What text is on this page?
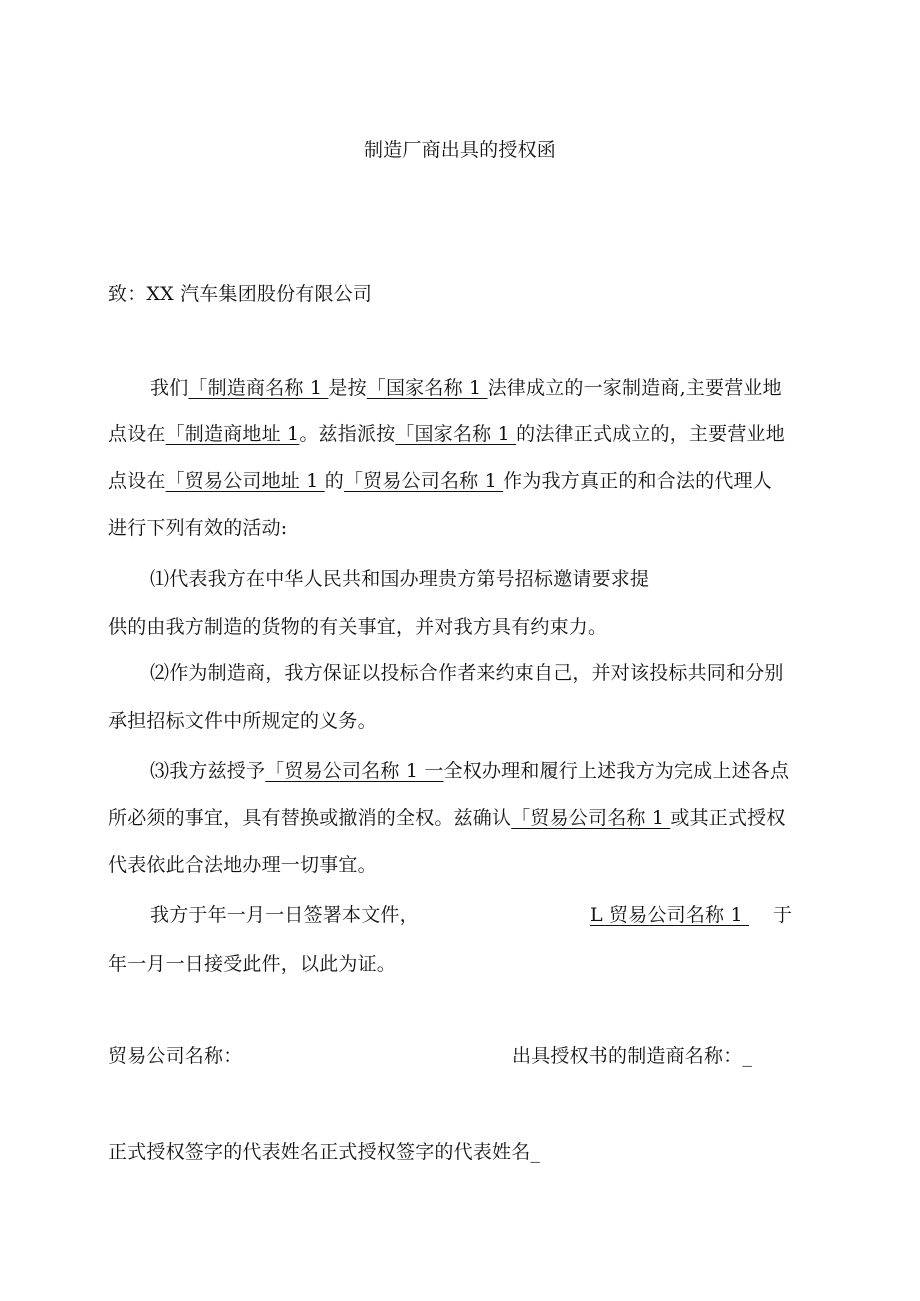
制造厂商出具的授权函
致：XX 汽车集团股份有限公司
我们「制造商名称 1 是按「国家名称 1 法律成立的一家制造商,主要营业地
点设在「制造商地址 1。兹指派按「国家名称 1 的法律正式成立的，主要营业地
点设在「贸易公司地址 1 的「贸易公司名称 1 作为我方真正的和合法的代理人
进行下列有效的活动:
⑴代表我方在中华人民共和国办理贵方第号招标邀请要求提
供的由我方制造的货物的有关事宜，并对我方具有约束力。
⑵作为制造商，我方保证以投标合作者来约束自己，并对该投标共同和分别
承担招标文件中所规定的义务。
⑶我方兹授予「贸易公司名称 1 一全权办理和履行上述我方为完成上述各点
所必须的事宜，具有替换或撤消的全权。兹确认「贸易公司名称 1 或其正式授权
代表依此合法地办理一切事宜。
我方于年一月一日签署本文件，	L 贸易公司名称 1 于
年一月一日接受此件，以此为证。
贸易公司名称：	出具授权书的制造商名称：_
正式授权签字的代表姓名正式授权签字的代表姓名_
